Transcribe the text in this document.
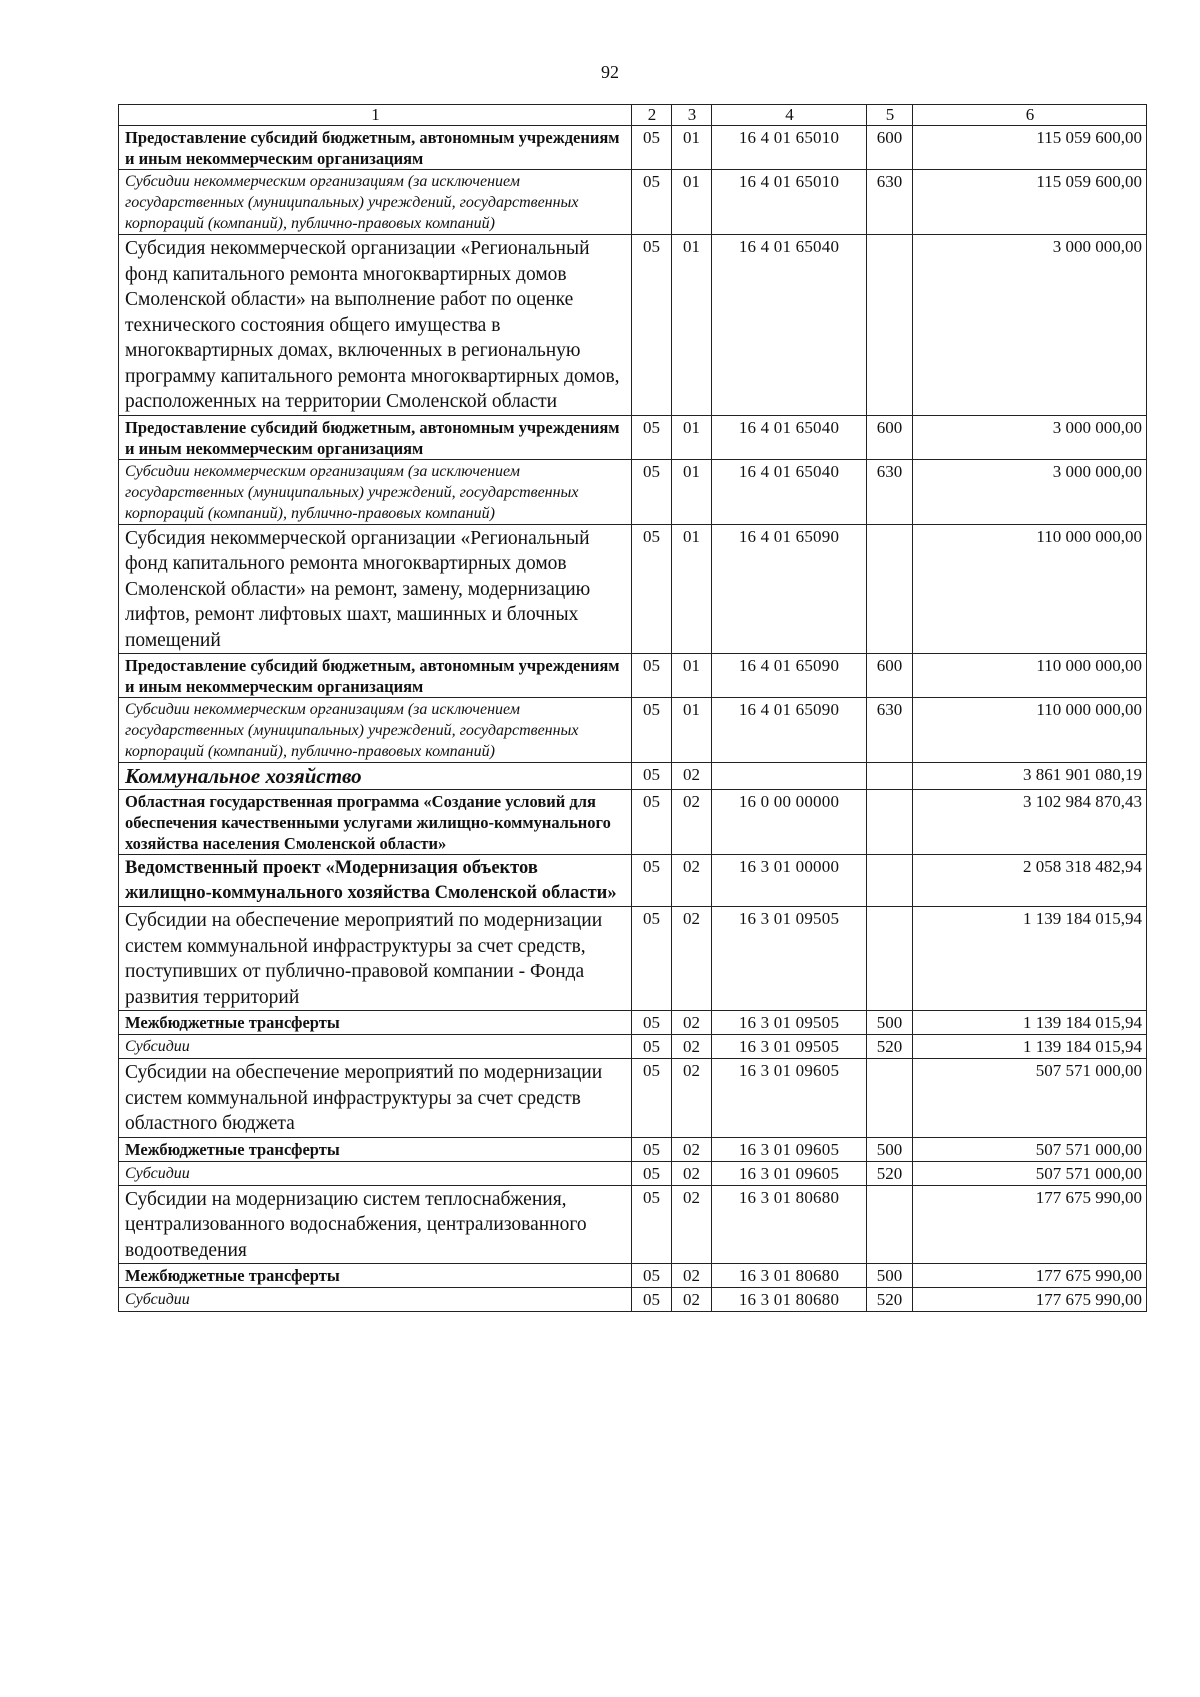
92
1	2	3	4	5	6
Предоставление субсидий бюджетным, автономным учреждениям и иным некоммерческим организациям	05	01	16 4 01 65010	600	115 059 600,00
Субсидии некоммерческим организациям (за исключением государственных (муниципальных) учреждений, государственных корпораций (компаний), публично-правовых компаний)	05	01	16 4 01 65010	630	115 059 600,00
Субсидия некоммерческой организации «Региональный фонд капитального ремонта многоквартирных домов Смоленской области» на выполнение работ по оценке технического состояния общего имущества в многоквартирных домах, включенных в региональную программу капитального ремонта многоквартирных домов, расположенных на территории Смоленской области	05	01	16 4 01 65040		3 000 000,00
Предоставление субсидий бюджетным, автономным учреждениям и иным некоммерческим организациям	05	01	16 4 01 65040	600	3 000 000,00
Субсидии некоммерческим организациям (за исключением государственных (муниципальных) учреждений, государственных корпораций (компаний), публично-правовых компаний)	05	01	16 4 01 65040	630	3 000 000,00
Субсидия некоммерческой организации «Региональный фонд капитального ремонта многоквартирных домов Смоленской области» на ремонт, замену, модернизацию лифтов, ремонт лифтовых шахт, машинных и блочных помещений	05	01	16 4 01 65090		110 000 000,00
Предоставление субсидий бюджетным, автономным учреждениям и иным некоммерческим организациям	05	01	16 4 01 65090	600	110 000 000,00
Субсидии некоммерческим организациям (за исключением государственных (муниципальных) учреждений, государственных корпораций (компаний), публично-правовых компаний)	05	01	16 4 01 65090	630	110 000 000,00
Коммунальное хозяйство	05	02			3 861 901 080,19
Областная государственная программа «Создание условий для обеспечения качественными услугами жилищно-коммунального хозяйства населения Смоленской области»	05	02	16 0 00 00000		3 102 984 870,43
Ведомственный проект «Модернизация объектов жилищно-коммунального хозяйства Смоленской области»	05	02	16 3 01 00000		2 058 318 482,94
Субсидии на обеспечение мероприятий по модернизации систем коммунальной инфраструктуры за счет средств, поступивших от публично-правовой компании - Фонда развития территорий	05	02	16 3 01 09505		1 139 184 015,94
Межбюджетные трансферты	05	02	16 3 01 09505	500	1 139 184 015,94
Субсидии	05	02	16 3 01 09505	520	1 139 184 015,94
Субсидии на обеспечение мероприятий по модернизации систем коммунальной инфраструктуры за счет средств областного бюджета	05	02	16 3 01 09605		507 571 000,00
Межбюджетные трансферты	05	02	16 3 01 09605	500	507 571 000,00
Субсидии	05	02	16 3 01 09605	520	507 571 000,00
Субсидии на модернизацию систем теплоснабжения, централизованного водоснабжения, централизованного водоотведения	05	02	16 3 01 80680		177 675 990,00
Межбюджетные трансферты	05	02	16 3 01 80680	500	177 675 990,00
Субсидии	05	02	16 3 01 80680	520	177 675 990,00
